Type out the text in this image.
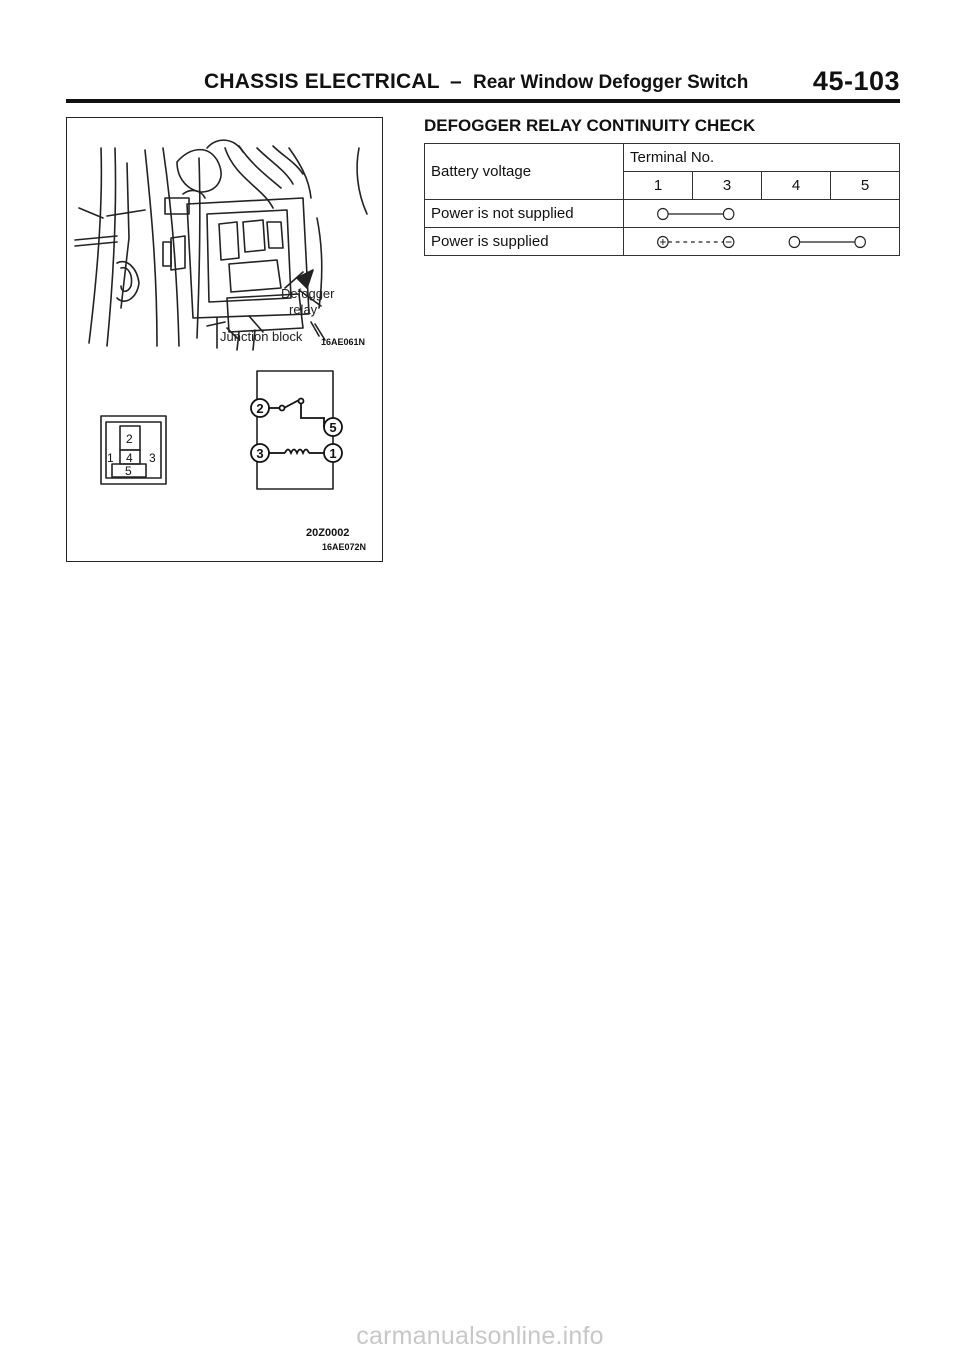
CHASSIS ELECTRICAL – Rear Window Defogger Switch 45-103
2
1 4 3
5
2
5
3	1
Defogger
relay
Junction block 16AE061N
20Z0002
16AE072N
DEFOGGER RELAY CONTINUITY CHECK
Battery voltage	Terminal No.			
	1	3	4	5
Power is not supplied	

Power is supplied	
carmanualsonline.info
